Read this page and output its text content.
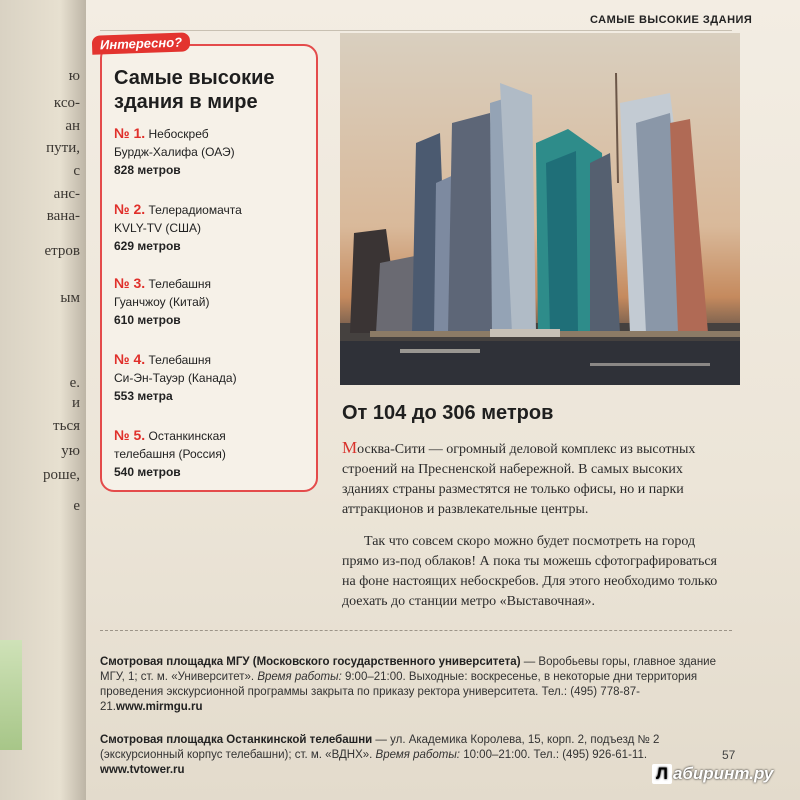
ю
ксо-
ан
пути,
с
анс-
вана-
етров
ым
е.
и
ться
ую
роше,
е
САМЫЕ ВЫСОКИЕ ЗДАНИЯ
Интересно?
Самые высокие здания в мире
№ 1. Небоскреб
Бурдж-Халифа (ОАЭ)
828 метров
№ 2. Телерадиомачта
KVLY-TV (США)
629 метров
№ 3. Телебашня
Гуанчжоу (Китай)
610 метров
№ 4. Телебашня
Си-Эн-Тауэр (Канада)
553 метра
№ 5. Останкинская
телебашня (Россия)
540 метров
От 104 до 306 метров

Москва-Сити — огромный деловой комплекс из высотных строений на Пресненской набережной. В самых высоких зданиях страны разместятся не только офисы, но и парки аттракционов и развлекательные центры.

Так что совсем скоро можно будет посмотреть на город прямо из-под облаков! А пока ты можешь сфотографироваться на фоне настоящих небоскребов. Для этого необходимо только доехать до станции метро «Выставочная».

Смотровая площадка МГУ (Московского государственного университета) — Воробьевы горы, главное здание МГУ, 1; ст. м. «Университет». Время работы: 9:00–21:00. Выходные: воскресенье, в некоторые дни территория проведения экскурсионной программы закрыта по приказу ректора университета. Тел.: (495) 778-87-21.www.mirmgu.ru
Смотровая площадка Останкинской телебашни — ул. Академика Королева, 15, корп. 2, подъезд № 2 (экскурсионный корпус телебашни); ст. м. «ВДНХ». Время работы: 10:00–21:00. Тел.: (495) 926-61-11.
www.tvtower.ru
57
Л абиринт.ру
